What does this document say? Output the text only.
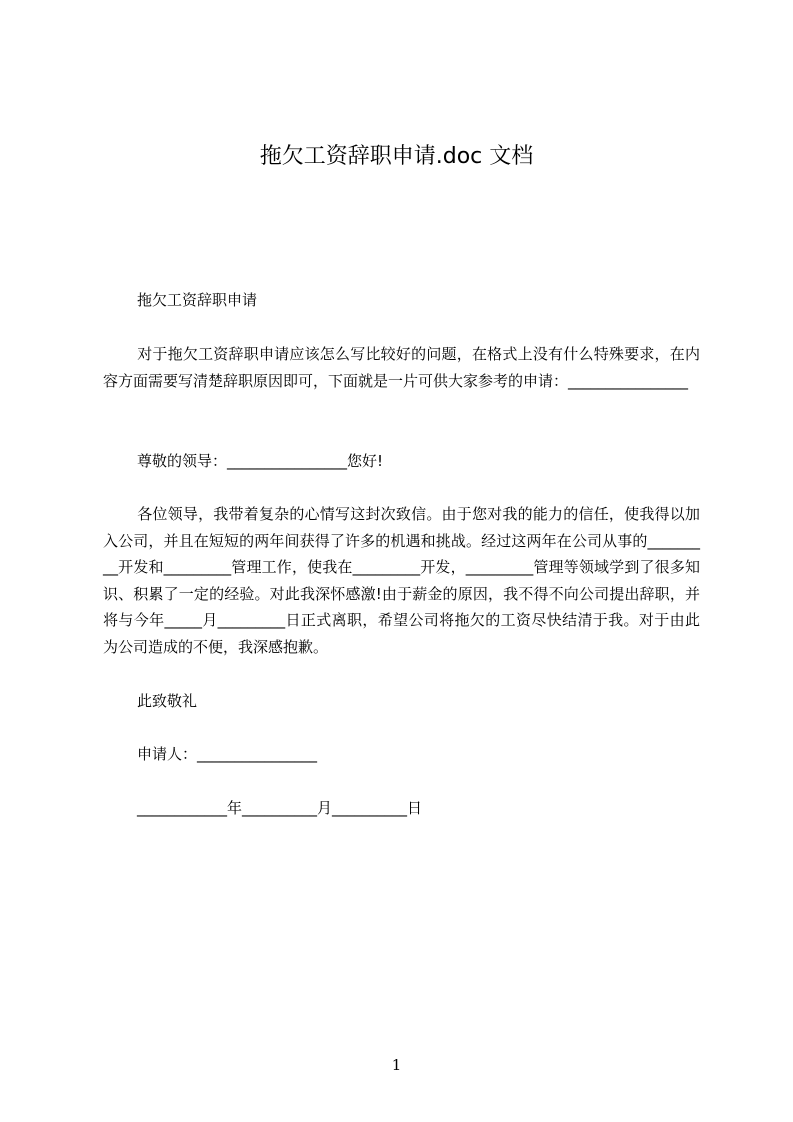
拖欠工资辞职申请.doc 文档
拖欠工资辞职申请
对于拖欠工资辞职申请应该怎么写比较好的问题，在格式上没有什么特殊要求，在内容方面需要写清楚辞职原因即可，下面就是一片可供大家参考的申请：________________
尊敬的领导：________________您好!
各位领导，我带着复杂的心情写这封次致信。由于您对我的能力的信任，使我得以加入公司，并且在短短的两年间获得了许多的机遇和挑战。经过这两年在公司从事的_________开发和_________管理工作，使我在_________开发，_________管理等领域学到了很多知识、积累了一定的经验。对此我深怀感激!由于薪金的原因，我不得不向公司提出辞职，并将与今年_____月_________日正式离职，希望公司将拖欠的工资尽快结清于我。对于由此为公司造成的不便，我深感抱歉。
此致敬礼
申请人：________________
____________年__________月__________日
1
